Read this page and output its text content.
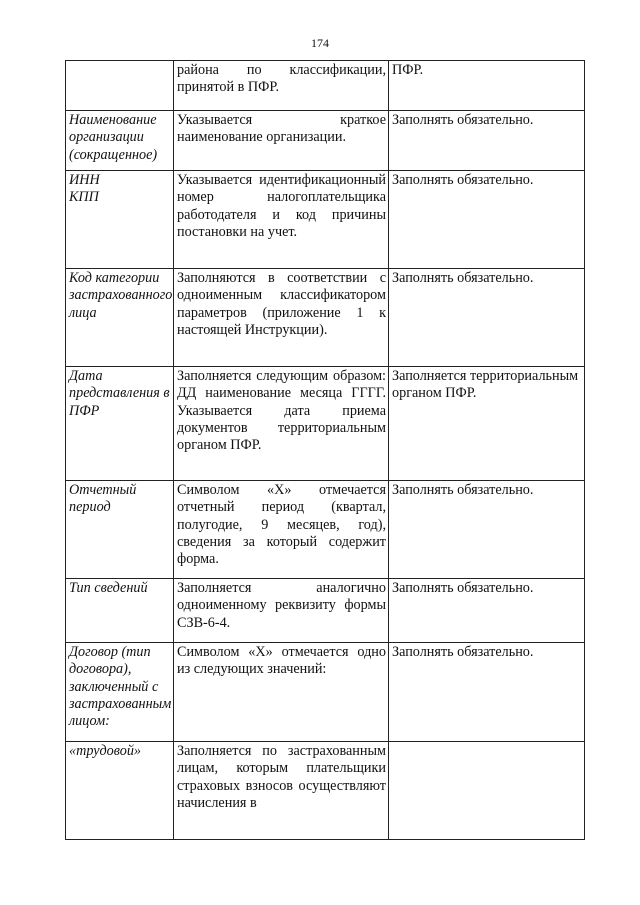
174
	района по классификации, принятой в ПФР.	ПФР.
Наименование организации (сокращенное)	Указывается краткое наименование организации.	Заполнять обязательно.
ИНН
КПП	Указывается идентификационный номер налогоплательщика работодателя и код причины постановки на учет.	Заполнять обязательно.
Код категории застрахованного лица	Заполняются в соответствии с одноименным классификатором параметров (приложение 1 к настоящей Инструкции).	Заполнять обязательно.
Дата представления в ПФР	Заполняется следующим образом: ДД наименование месяца ГГГГ. Указывается дата приема документов территориальным органом ПФР.	Заполняется территориальным органом ПФР.
Отчетный период	Символом «Х» отмечается отчетный период (квартал, полугодие, 9 месяцев, год), сведения за который содержит форма.	Заполнять обязательно.
Тип сведений	Заполняется аналогично одноименному реквизиту формы СЗВ-6-4.	Заполнять обязательно.
Договор (тип договора), заключенный с застрахованным лицом:	Символом «Х» отмечается одно из следующих значений:	Заполнять обязательно.
«трудовой»	Заполняется по застрахованным лицам, которым плательщики страховых взносов осуществляют начисления в	
